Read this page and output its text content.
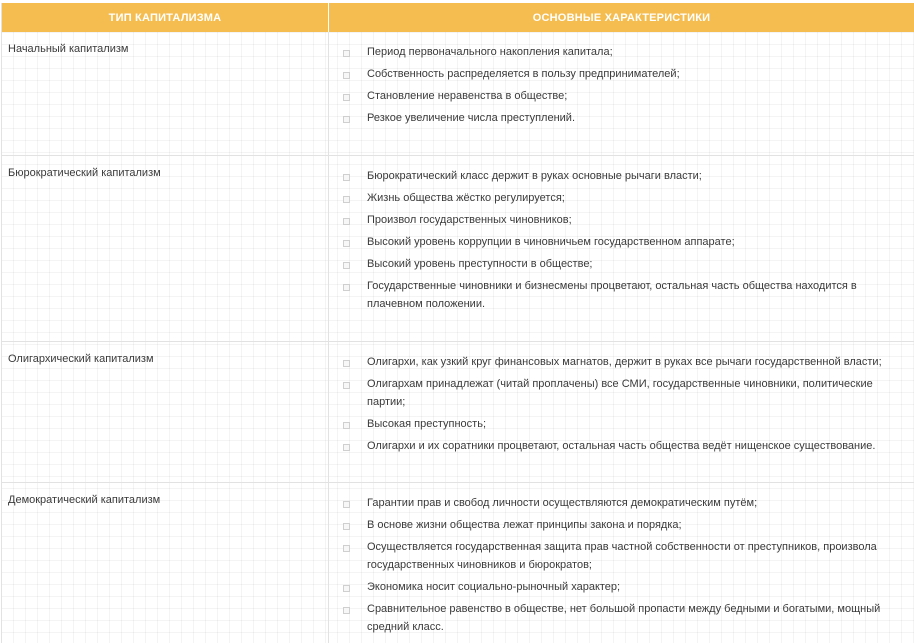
ТИП КАПИТАЛИЗМА	ОСНОВНЫЕ ХАРАКТЕРИСТИКИ
Начальный капитализм	Период первоначального накопления капитала;
Собственность распределяется в пользу предпринимателей;
Становление неравенства в обществе;
Резкое увеличение числа преступлений.
Бюрократический капитализм	Бюрократический класс держит в руках основные рычаги власти;
Жизнь общества жёстко регулируется;
Произвол государственных чиновников;
Высокий уровень коррупции в чиновничьем государственном аппарате;
Высокий уровень преступности в обществе;
Государственные чиновники и бизнесмены процветают, остальная часть общества находится в плачевном положении.
Олигархический капитализм	Олигархи, как узкий круг финансовых магнатов, держит в руках все рычаги государственной власти;
Олигархам принадлежат (читай проплачены) все СМИ, государственные чиновники, политические партии;
Высокая преступность;
Олигархи и их соратники процветают, остальная часть общества ведёт нищенское существование.
Демократический капитализм	Гарантии прав и свобод личности осуществляются демократическим путём;
В основе жизни общества лежат принципы закона и порядка;
Осуществляется государственная защита прав частной собственности от преступников, произвола государственных чиновников и бюрократов;
Экономика носит социально-рыночный характер;
Сравнительное равенство в обществе, нет большой пропасти между бедными и богатыми, мощный средний класс.
